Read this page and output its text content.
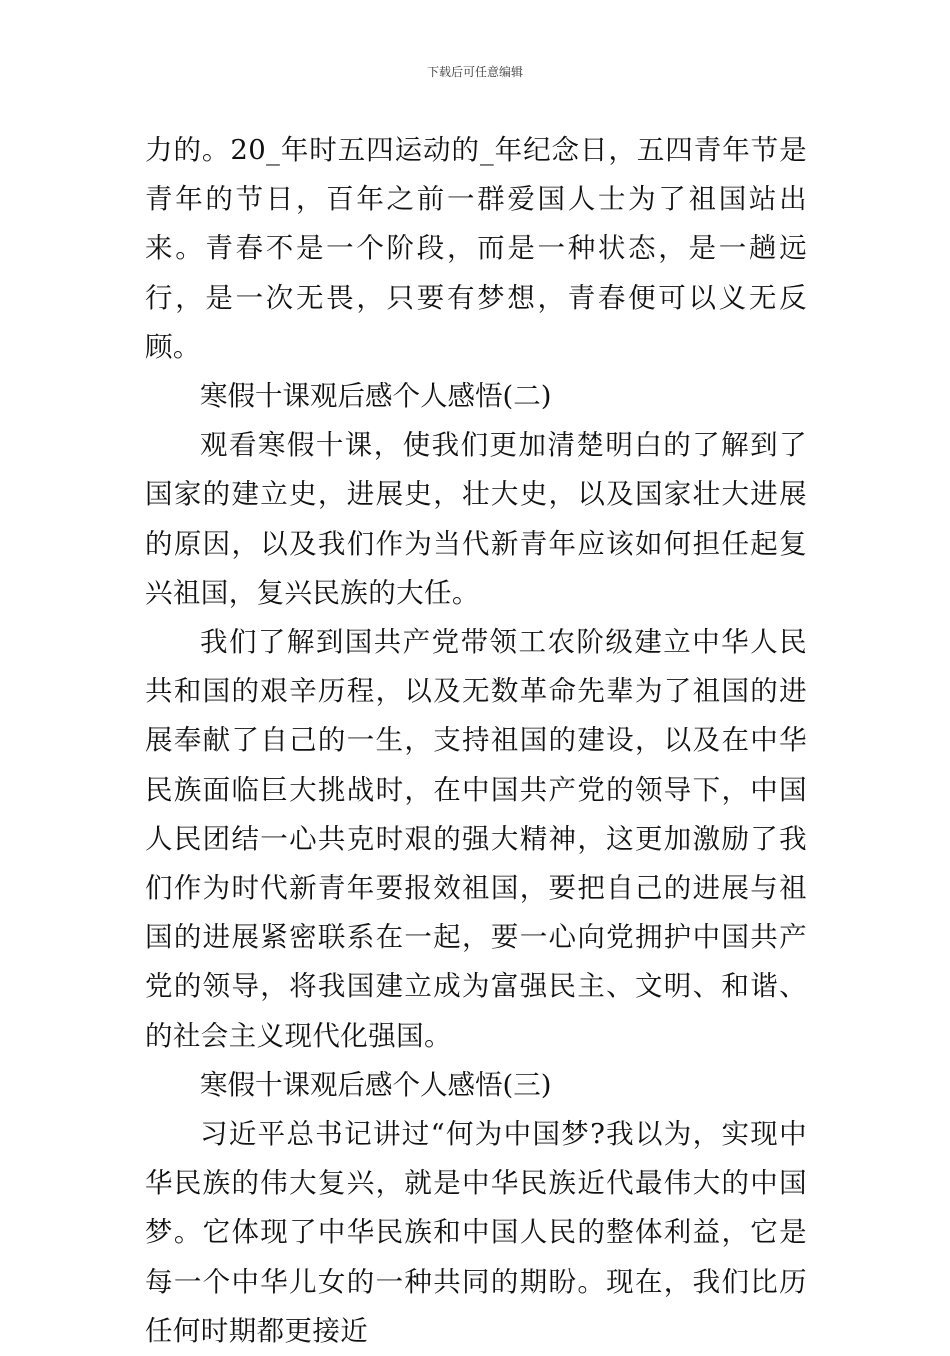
下载后可任意编辑

力的。20_年时五四运动的_年纪念日，五四青年节是青年的节日，百年之前一群爱国人士为了祖国站出来。青春不是一个阶段，而是一种状态，是一趟远行，是一次无畏，只要有梦想，青春便可以义无反顾。

寒假十课观后感个人感悟(二)

观看寒假十课，使我们更加清楚明白的了解到了国家的建立史，进展史，壮大史，以及国家壮大进展的原因，以及我们作为当代新青年应该如何担任起复兴祖国，复兴民族的大任。

我们了解到国共产党带领工农阶级建立中华人民共和国的艰辛历程，以及无数革命先辈为了祖国的进展奉献了自己的一生，支持祖国的建设，以及在中华民族面临巨大挑战时，在中国共产党的领导下，中国人民团结一心共克时艰的强大精神，这更加激励了我们作为时代新青年要报效祖国，要把自己的进展与祖国的进展紧密联系在一起，要一心向党拥护中国共产党的领导，将我国建立成为富强民主、文明、和谐、的社会主义现代化强国。

寒假十课观后感个人感悟(三)

习近平总书记讲过“何为中国梦?我以为，实现中华民族的伟大复兴，就是中华民族近代最伟大的中国梦。它体现了中华民族和中国人民的整体利益，它是每一个中华儿女的一种共同的期盼。现在，我们比历任何时期都更接近
